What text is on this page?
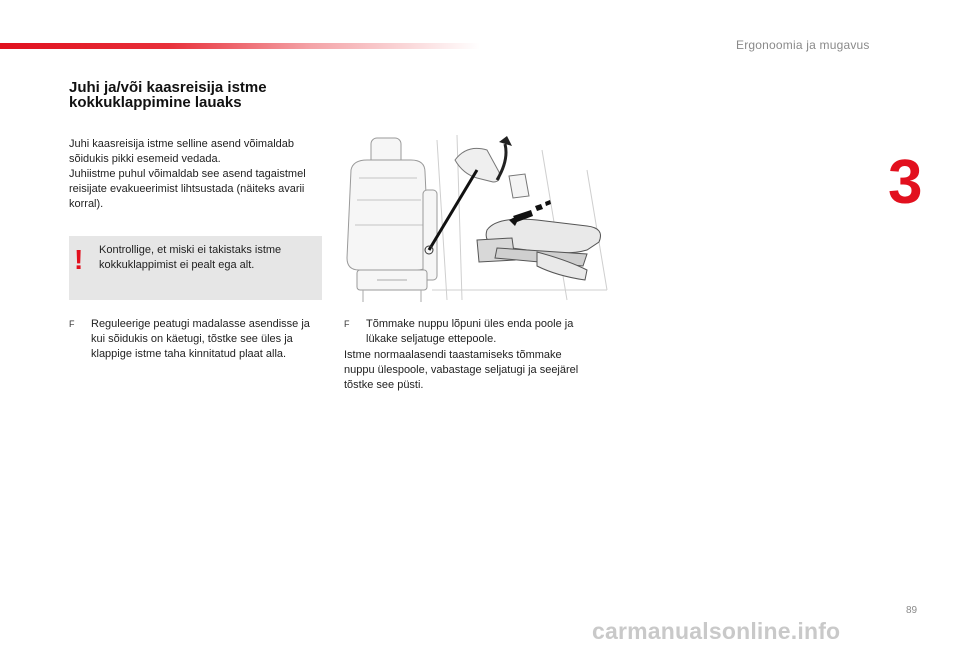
Ergonoomia ja mugavus
3
Juhi ja/või kaasreisija istme kokkuklappimine lauaks

Juhi kaasreisija istme selline asend võimaldab sõidukis pikki esemeid vedada.

Juhiistme puhul võimaldab see asend tagaistmel reisijate evakueerimist lihtsustada (näiteks avarii korral).

! Kontrollige, et miski ei takistaks istme kokkuklappimist ei pealt ega alt.
F	Reguleerige peatugi madalasse asendisse ja kui sõidukis on käetugi, tõstke see üles ja klappige istme taha kinnitatud plaat alla.
F	Tõmmake nuppu lõpuni üles enda poole ja lükake seljatuge ettepoole.
Istme normaalasendi taastamiseks tõmmake nuppu ülespoole, vabastage seljatugi ja seejärel tõstke see püsti.
89
carmanualsonline.info
